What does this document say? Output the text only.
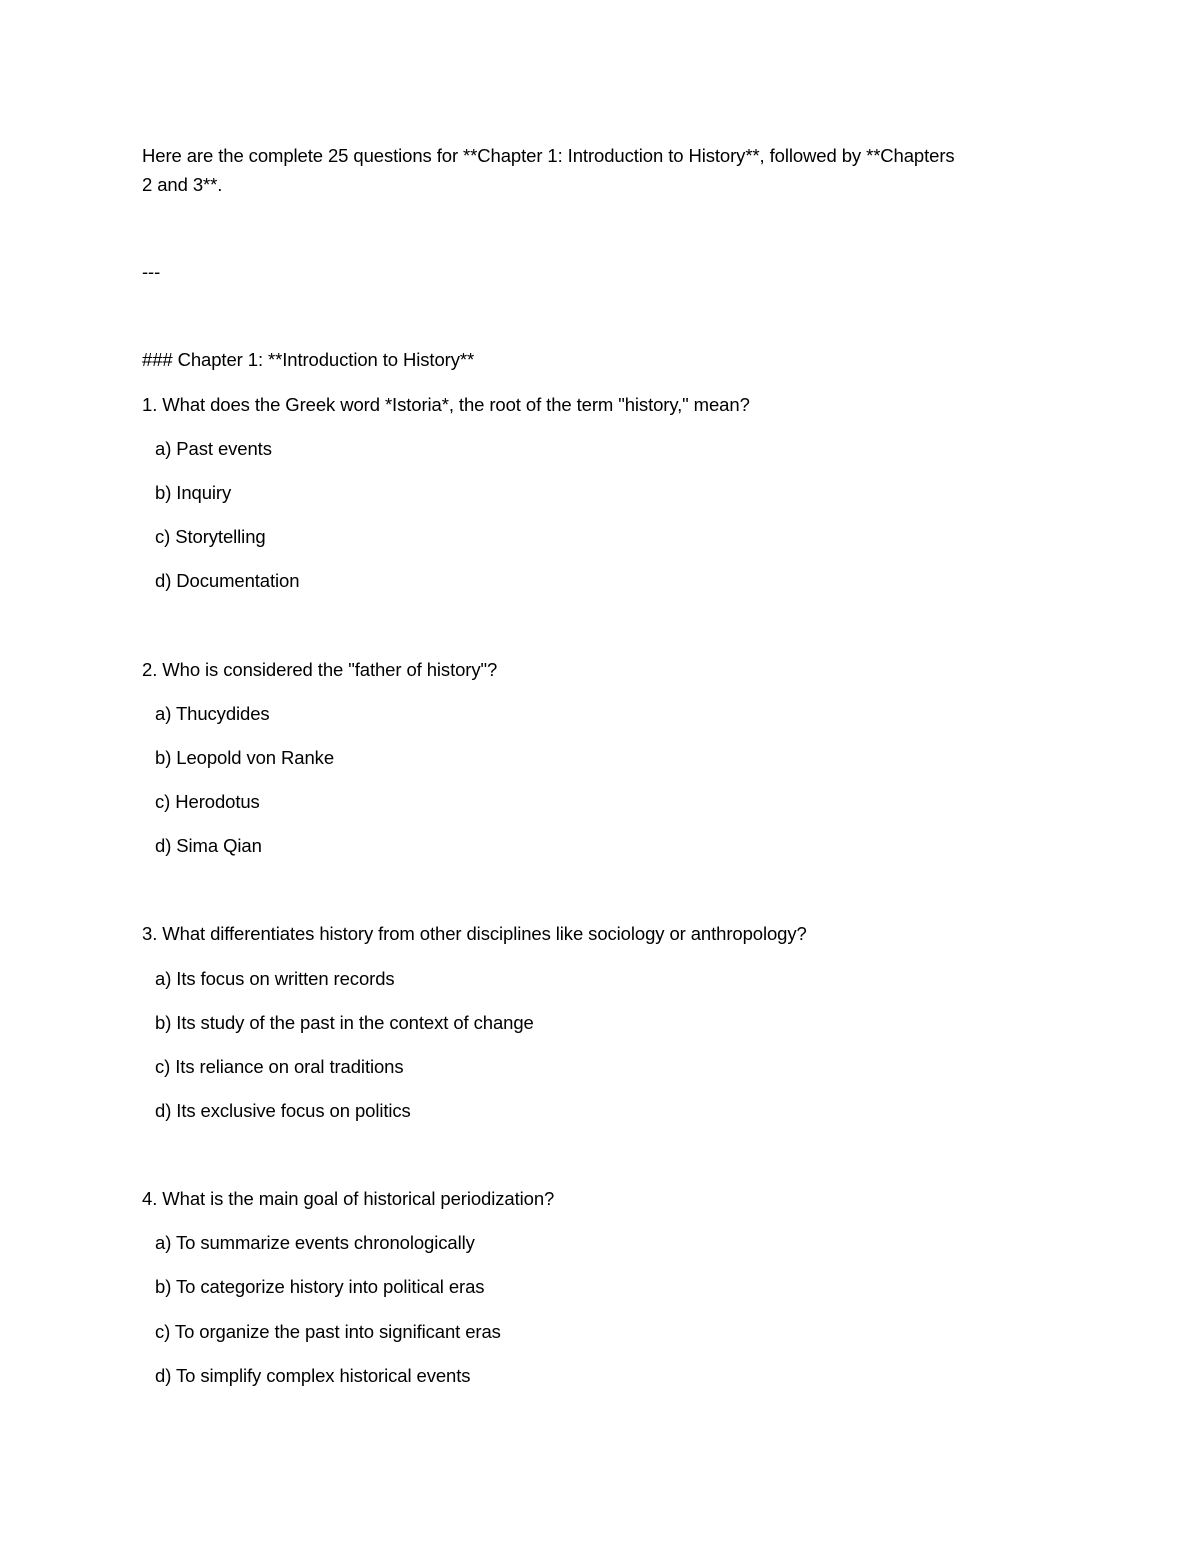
Here are the complete 25 questions for **Chapter 1: Introduction to History**, followed by **Chapters
2 and 3**.
---
### Chapter 1: **Introduction to History**
1. What does the Greek word *Istoria*, the root of the term "history," mean?
a) Past events
b) Inquiry
c) Storytelling
d) Documentation
2. Who is considered the "father of history"?
a) Thucydides
b) Leopold von Ranke
c) Herodotus
d) Sima Qian
3. What differentiates history from other disciplines like sociology or anthropology?
a) Its focus on written records
b) Its study of the past in the context of change
c) Its reliance on oral traditions
d) Its exclusive focus on politics
4. What is the main goal of historical periodization?
a) To summarize events chronologically
b) To categorize history into political eras
c) To organize the past into significant eras
d) To simplify complex historical events
